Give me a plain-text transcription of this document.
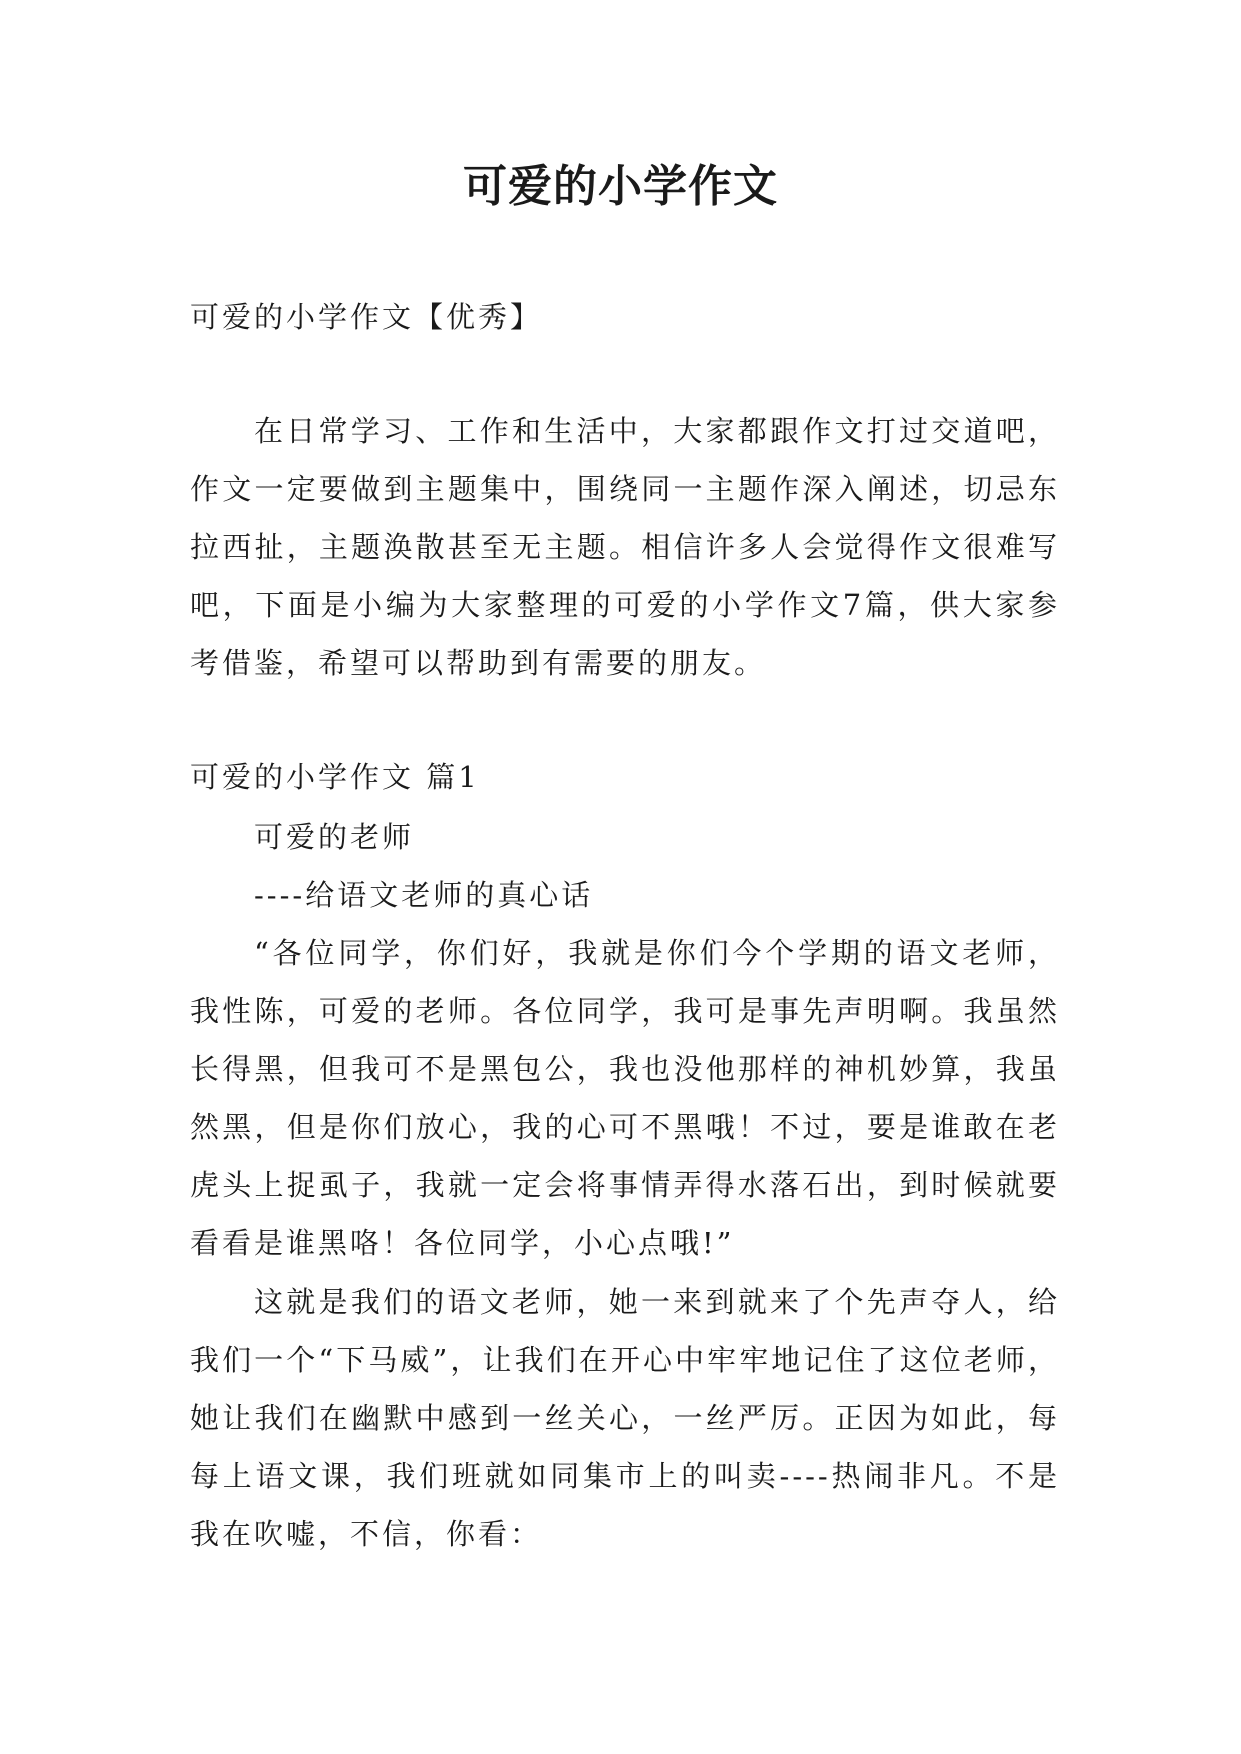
可爱的小学作文

可爱的小学作文【优秀】

在日常学习、工作和生活中，大家都跟作文打过交道吧，作文一定要做到主题集中，围绕同一主题作深入阐述，切忌东拉西扯，主题涣散甚至无主题。相信许多人会觉得作文很难写吧，下面是小编为大家整理的可爱的小学作文7篇，供大家参考借鉴，希望可以帮助到有需要的朋友。

可爱的小学作文 篇1

可爱的老师

----给语文老师的真心话

“各位同学，你们好，我就是你们今个学期的语文老师，我性陈，可爱的老师。各位同学，我可是事先声明啊。我虽然长得黑，但我可不是黑包公，我也没他那样的神机妙算，我虽然黑，但是你们放心，我的心可不黑哦！不过，要是谁敢在老虎头上捉虱子，我就一定会将事情弄得水落石出，到时候就要看看是谁黑咯！各位同学，小心点哦!”

这就是我们的语文老师，她一来到就来了个先声夺人，给我们一个“下马威”，让我们在开心中牢牢地记住了这位老师，她让我们在幽默中感到一丝关心，一丝严厉。正因为如此，每每上语文课，我们班就如同集市上的叫卖----热闹非凡。不是我在吹嘘，不信，你看：
